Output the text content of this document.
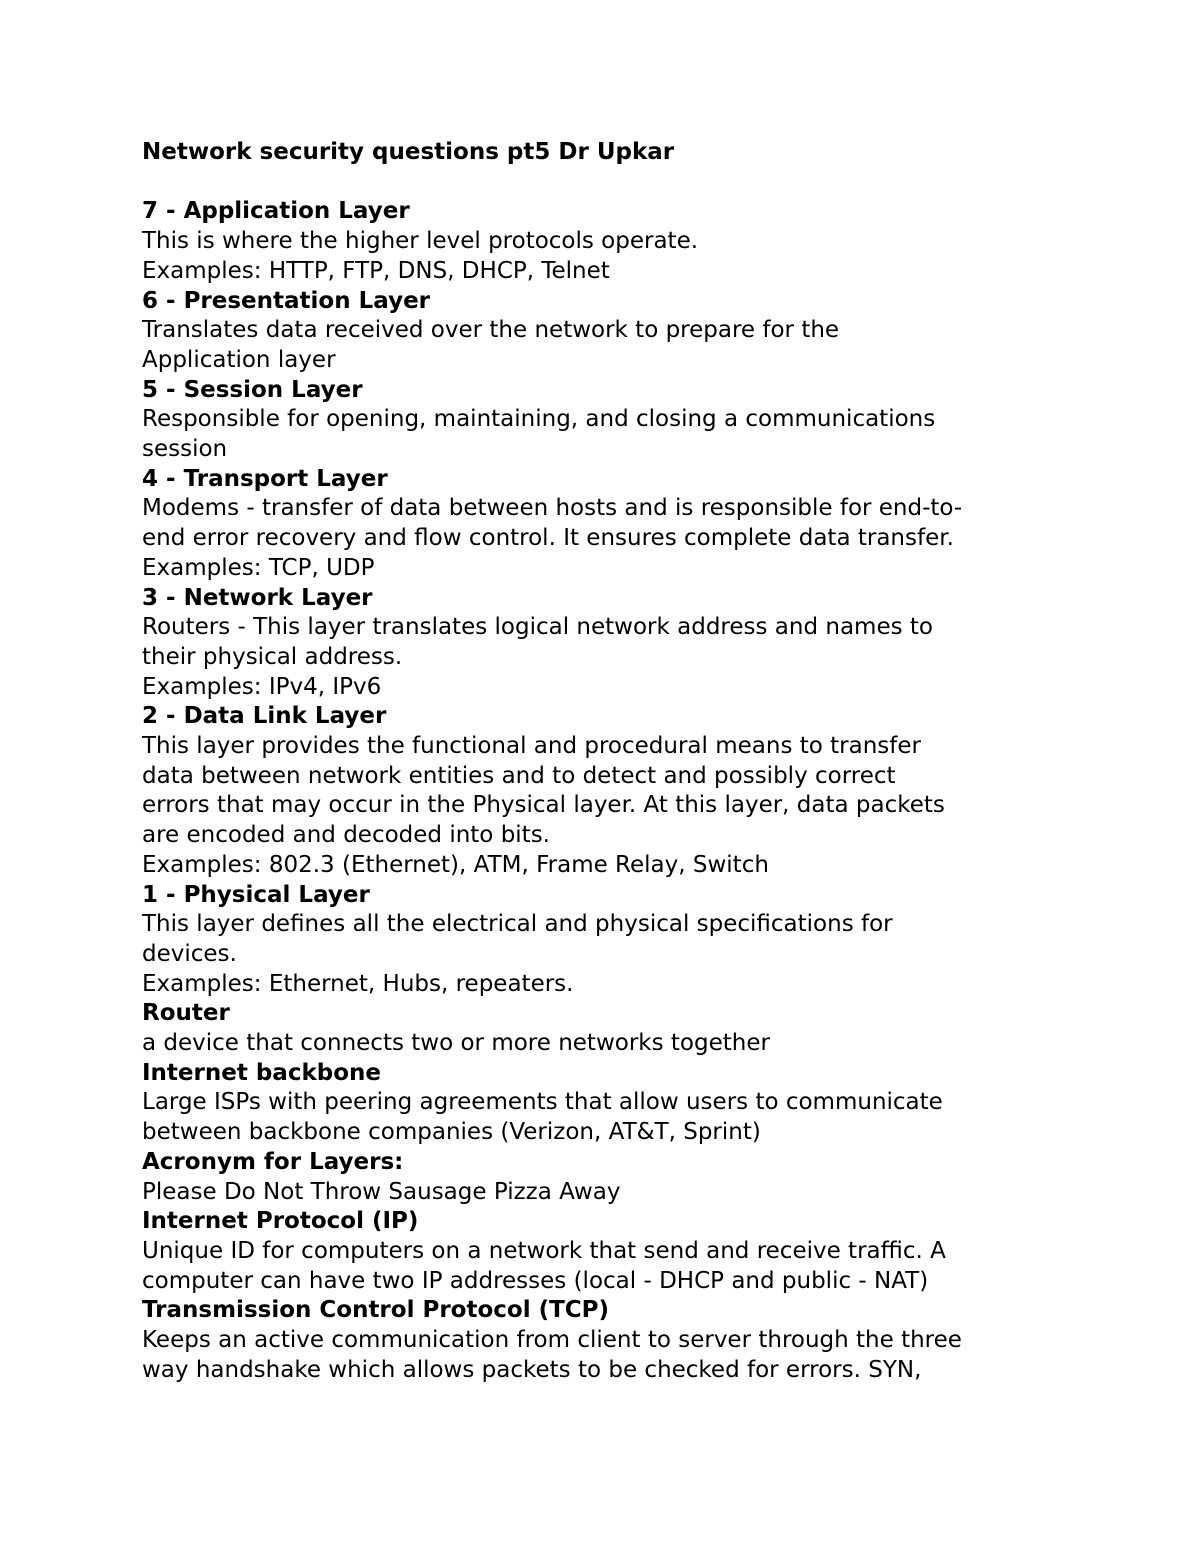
Network security questions pt5 Dr Upkar
7 - Application Layer
This is where the higher level protocols operate.
Examples: HTTP, FTP, DNS, DHCP, Telnet
6 - Presentation Layer
Translates data received over the network to prepare for the
Application layer
5 - Session Layer
Responsible for opening, maintaining, and closing a communications
session
4 - Transport Layer
Modems - transfer of data between hosts and is responsible for end-to-
end error recovery and flow control. It ensures complete data transfer.
Examples: TCP, UDP
3 - Network Layer
Routers - This layer translates logical network address and names to
their physical address.
Examples: IPv4, IPv6
2 - Data Link Layer
This layer provides the functional and procedural means to transfer
data between network entities and to detect and possibly correct
errors that may occur in the Physical layer. At this layer, data packets
are encoded and decoded into bits.
Examples: 802.3 (Ethernet), ATM, Frame Relay, Switch
1 - Physical Layer
This layer defines all the electrical and physical specifications for
devices.
Examples: Ethernet, Hubs, repeaters.
Router
a device that connects two or more networks together
Internet backbone
Large ISPs with peering agreements that allow users to communicate
between backbone companies (Verizon, AT&T, Sprint)
Acronym for Layers:
Please Do Not Throw Sausage Pizza Away
Internet Protocol (IP)
Unique ID for computers on a network that send and receive traffic. A
computer can have two IP addresses (local - DHCP and public - NAT)
Transmission Control Protocol (TCP)
Keeps an active communication from client to server through the three
way handshake which allows packets to be checked for errors. SYN,
